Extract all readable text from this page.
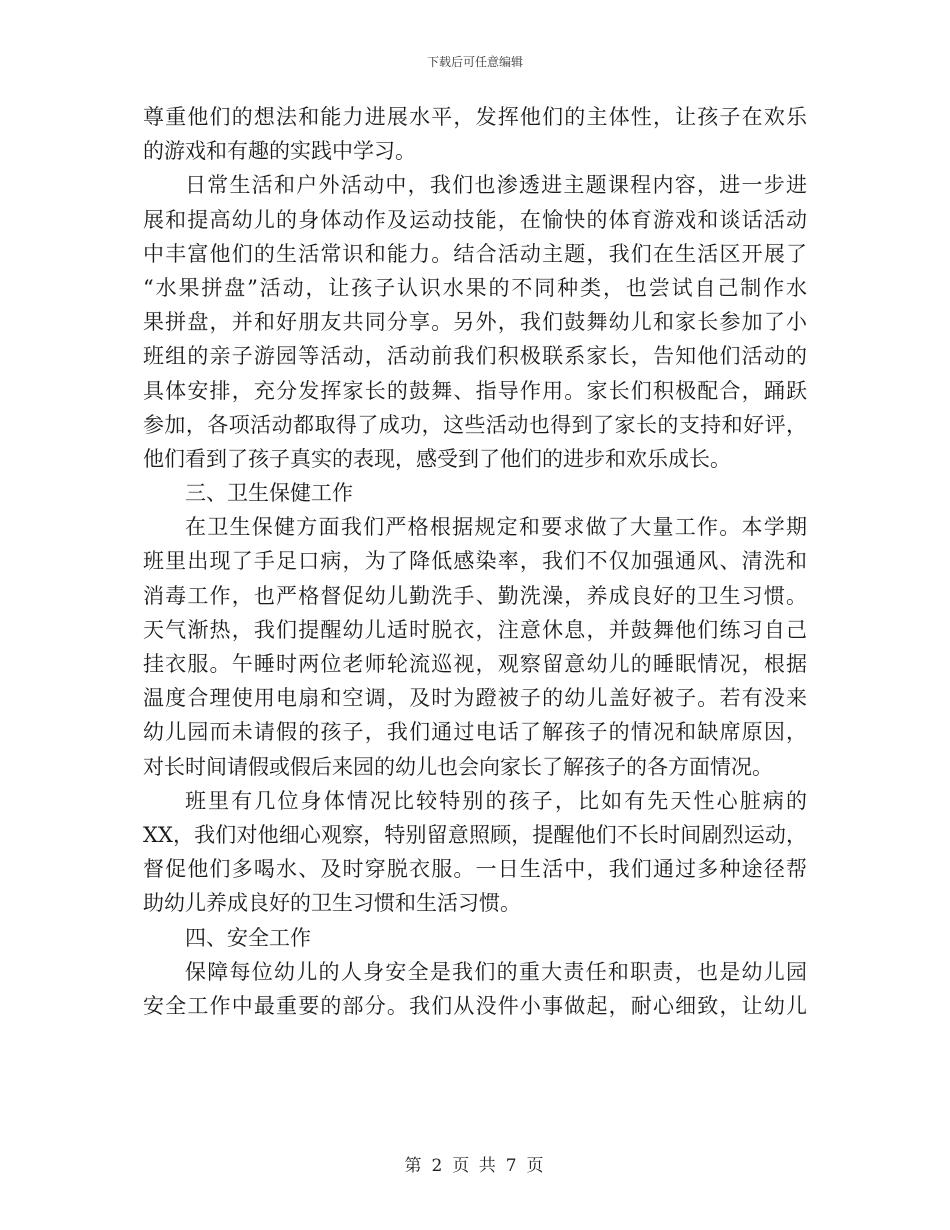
下载后可任意编辑
尊重他们的想法和能力进展水平，发挥他们的主体性，让孩子在欢乐
的游戏和有趣的实践中学习。
日常生活和户外活动中，我们也渗透进主题课程内容，进一步进
展和提高幼儿的身体动作及运动技能，在愉快的体育游戏和谈话活动
中丰富他们的生活常识和能力。结合活动主题，我们在生活区开展了
“水果拼盘”活动，让孩子认识水果的不同种类，也尝试自己制作水
果拼盘，并和好朋友共同分享。另外，我们鼓舞幼儿和家长参加了小
班组的亲子游园等活动，活动前我们积极联系家长，告知他们活动的
具体安排，充分发挥家长的鼓舞、指导作用。家长们积极配合，踊跃
参加，各项活动都取得了成功，这些活动也得到了家长的支持和好评，
他们看到了孩子真实的表现，感受到了他们的进步和欢乐成长。
三、卫生保健工作
在卫生保健方面我们严格根据规定和要求做了大量工作。本学期
班里出现了手足口病，为了降低感染率，我们不仅加强通风、清洗和
消毒工作，也严格督促幼儿勤洗手、勤洗澡，养成良好的卫生习惯。
天气渐热，我们提醒幼儿适时脱衣，注意休息，并鼓舞他们练习自己
挂衣服。午睡时两位老师轮流巡视，观察留意幼儿的睡眠情况，根据
温度合理使用电扇和空调，及时为蹬被子的幼儿盖好被子。若有没来
幼儿园而未请假的孩子，我们通过电话了解孩子的情况和缺席原因，
对长时间请假或假后来园的幼儿也会向家长了解孩子的各方面情况。
班里有几位身体情况比较特别的孩子，比如有先天性心脏病的
XX，我们对他细心观察，特别留意照顾，提醒他们不长时间剧烈运动，
督促他们多喝水、及时穿脱衣服。一日生活中，我们通过多种途径帮
助幼儿养成良好的卫生习惯和生活习惯。
四、安全工作
保障每位幼儿的人身安全是我们的重大责任和职责，也是幼儿园
安全工作中最重要的部分。我们从没件小事做起，耐心细致，让幼儿
第 2 页 共 7 页
